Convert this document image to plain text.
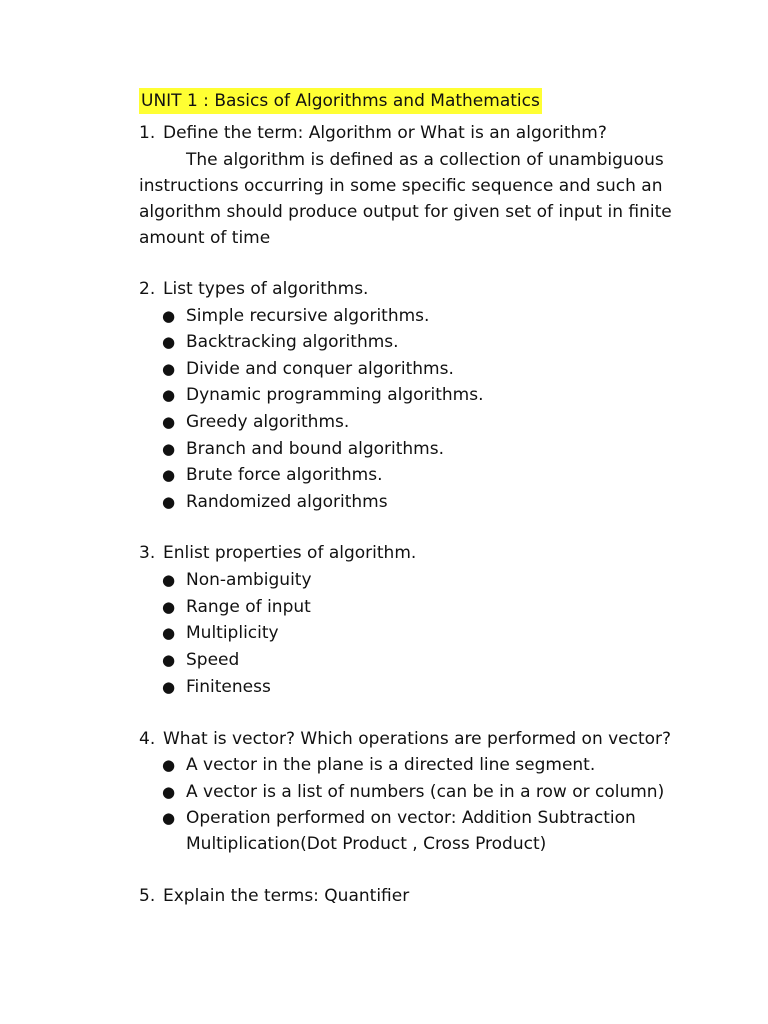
UNIT 1 : Basics of Algorithms and Mathematics
1. Define the term: Algorithm or What is an algorithm?
The algorithm is defined as a collection of unambiguous
instructions occurring in some specific sequence and such an
algorithm should produce output for given set of input in finite
amount of time
2. List types of algorithms.
● Simple recursive algorithms.
● Backtracking algorithms.
● Divide and conquer algorithms.
● Dynamic programming algorithms.
● Greedy algorithms.
● Branch and bound algorithms.
● Brute force algorithms.
● Randomized algorithms
3. Enlist properties of algorithm.
● Non-ambiguity
● Range of input
● Multiplicity
● Speed
● Finiteness
4. What is vector? Which operations are performed on vector?
● A vector in the plane is a directed line segment.
● A vector is a list of numbers (can be in a row or column)
● Operation performed on vector: Addition Subtraction
Multiplication(Dot Product , Cross Product)
5. Explain the terms: Quantifier
